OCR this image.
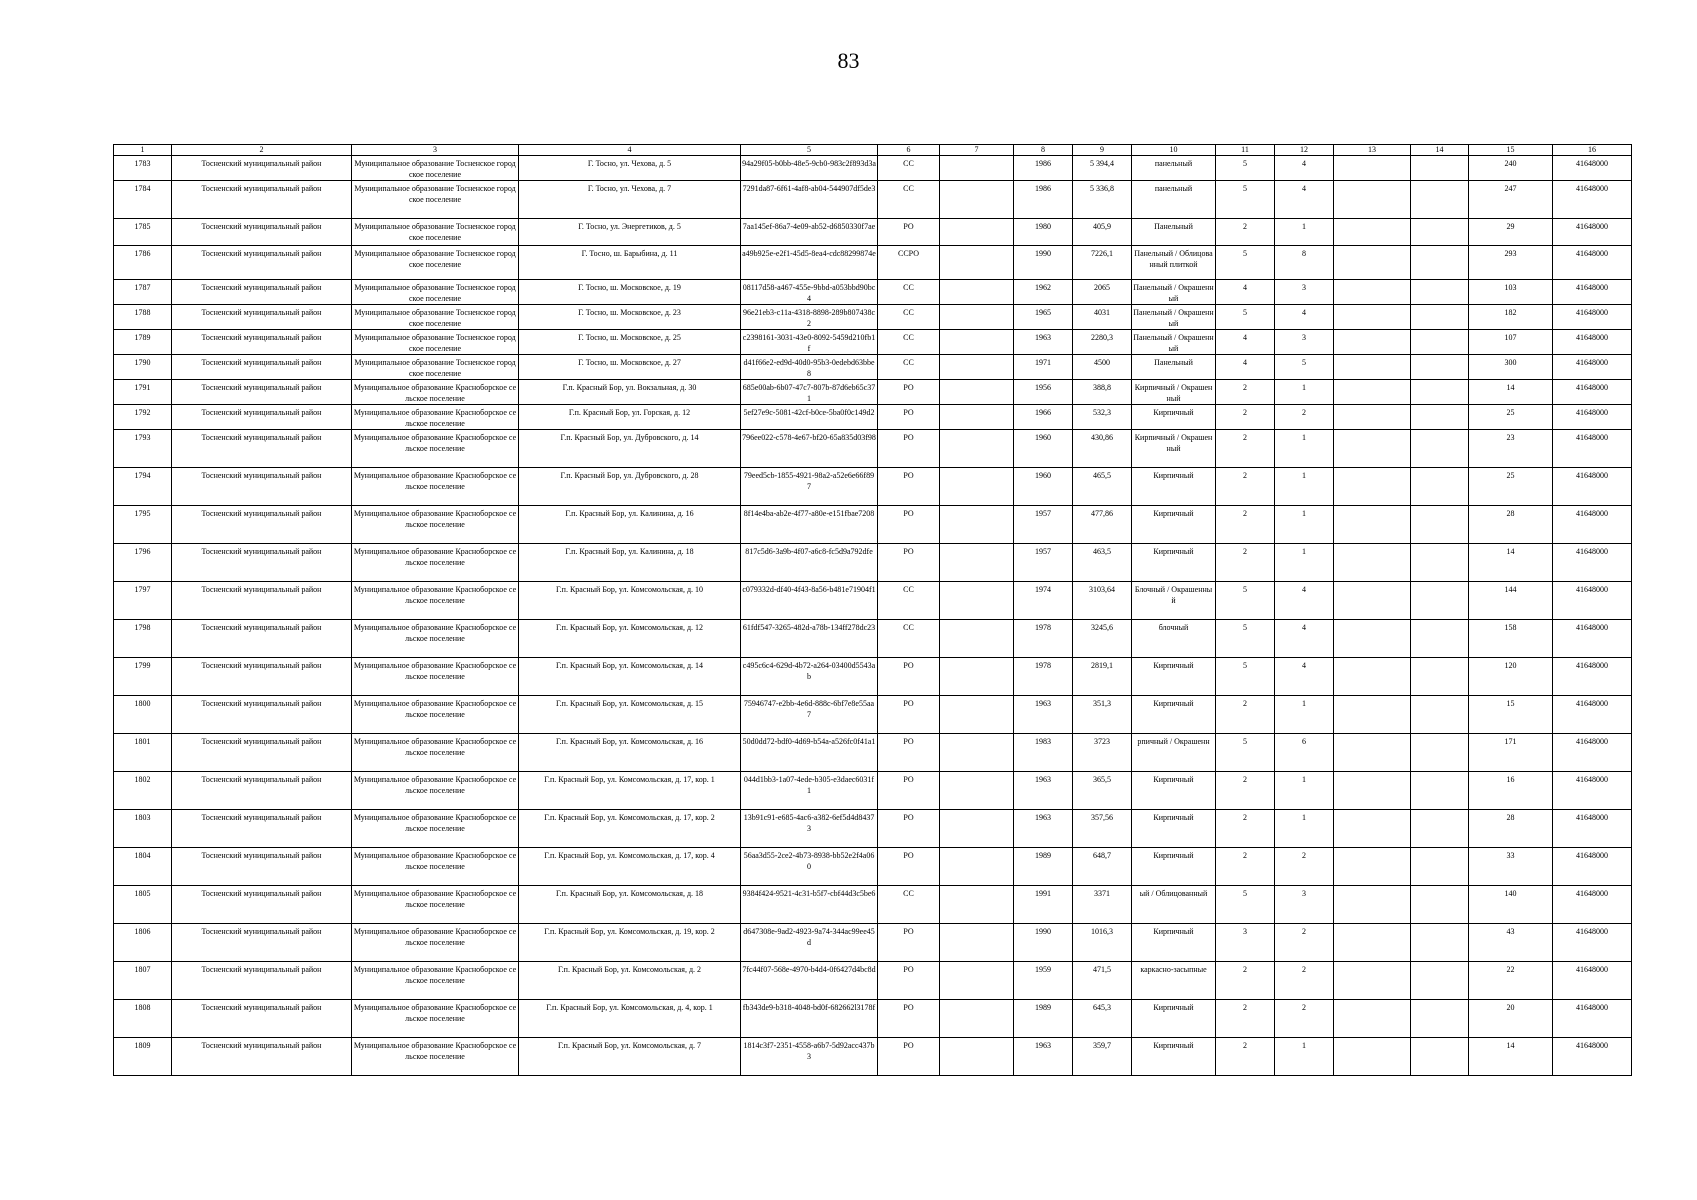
83
1	2	3	4	5	6	7	8	9	10	11	12	13	14	15	16
1783	Тосненский муниципальный район	Муниципальное образование Тосненское городское поселение	Г. Тосно, ул. Чехова, д. 5	94a29f05-b0bb-48e5-9cb0-983c2f893d3a	СС		1986	5 394,4	панельный	5	4			240	41648000
1784	Тосненский муниципальный район	Муниципальное образование Тосненское городское поселение	Г. Тосно, ул. Чехова, д. 7	7291da87-6f61-4af8-ab04-544907df5de3	СС		1986	5 336,8	панельный	5	4			247	41648000
1785	Тосненский муниципальный район	Муниципальное образование Тосненское городское поселение	Г. Тосно, ул. Энергетиков, д. 5	7aa145ef-86a7-4e09-ab52-d6850330f7ae	РО		1980	405,9	Панельный	2	1			29	41648000
1786	Тосненский муниципальный район	Муниципальное образование Тосненское городское поселение	Г. Тосно, ш. Барыбина, д. 11	a49b925e-e2f1-45d5-8ea4-cdc88299874e	ССРО		1990	7226,1	Панельный / Облицованный плиткой	5	8			293	41648000
1787	Тосненский муниципальный район	Муниципальное образование Тосненское городское поселение	Г. Тосно, ш. Московское, д. 19	08117d58-a467-455e-9bbd-a053bbd90bc4	СС		1962	2065	Панельный / Окрашенный	4	3			103	41648000
1788	Тосненский муниципальный район	Муниципальное образование Тосненское городское поселение	Г. Тосно, ш. Московское, д. 23	96e21eb3-c11a-4318-8898-289b807438c2	СС		1965	4031	Панельный / Окрашенный	5	4			182	41648000
1789	Тосненский муниципальный район	Муниципальное образование Тосненское городское поселение	Г. Тосно, ш. Московское, д. 25	c2398161-3031-43e0-8092-5459d210fb1f	СС		1963	2280,3	Панельный / Окрашенный	4	3			107	41648000
1790	Тосненский муниципальный район	Муниципальное образование Тосненское городское поселение	Г. Тосно, ш. Московское, д. 27	d41f66e2-ed9d-40d0-95b3-0edebd63bbe8	СС		1971	4500	Панельный	4	5			300	41648000
1791	Тосненский муниципальный район	Муниципальное образование Красноборское сельское поселение	Г.п. Красный Бор, ул. Вокзальная, д. 30	685e00ab-6b07-47c7-807b-87d6eb65c371	РО		1956	388,8	Кирпичный / Окрашенный	2	1			14	41648000
1792	Тосненский муниципальный район	Муниципальное образование Красноборское сельское поселение	Г.п. Красный Бор, ул. Горская, д. 12	5ef27e9c-5081-42cf-b0ce-5ba0f0c149d2	РО		1966	532,3	Кирпичный	2	2			25	41648000
1793	Тосненский муниципальный район	Муниципальное образование Красноборское сельское поселение	Г.п. Красный Бор, ул. Дубровского, д. 14	796ee022-c578-4e67-bf20-65a835d03f98	РО		1960	430,86	Кирпичный / Окрашенный	2	1			23	41648000
1794	Тосненский муниципальный район	Муниципальное образование Красноборское сельское поселение	Г.п. Красный Бор, ул. Дубровского, д. 28	79eed5cb-1855-4921-98a2-a52e6e66f897	РО		1960	465,5	Кирпичный	2	1			25	41648000
1795	Тосненский муниципальный район	Муниципальное образование Красноборское сельское поселение	Г.п. Красный Бор, ул. Калинина, д. 16	8f14e4ba-ab2e-4f77-a80e-e151fbae7208	РО		1957	477,86	Кирпичный	2	1			28	41648000
1796	Тосненский муниципальный район	Муниципальное образование Красноборское сельское поселение	Г.п. Красный Бор, ул. Калинина, д. 18	817c5d6-3a9b-4f07-a6c8-fc5d9a792dfe	РО		1957	463,5	Кирпичный	2	1			14	41648000
1797	Тосненский муниципальный район	Муниципальное образование Красноборское сельское поселение	Г.п. Красный Бор, ул. Комсомольская, д. 10	c079332d-df40-4f43-8a56-b481e71904f1	СС		1974	3103,64	Блочный / Окрашенный	5	4			144	41648000
1798	Тосненский муниципальный район	Муниципальное образование Красноборское сельское поселение	Г.п. Красный Бор, ул. Комсомольская, д. 12	61fdf547-3265-482d-a78b-134ff278dc23	СС		1978	3245,6	блочный	5	4			158	41648000
1799	Тосненский муниципальный район	Муниципальное образование Красноборское сельское поселение	Г.п. Красный Бор, ул. Комсомольская, д. 14	c495c6c4-629d-4b72-a264-03400d5543ab	РО		1978	2819,1	Кирпичный	5	4			120	41648000
1800	Тосненский муниципальный район	Муниципальное образование Красноборское сельское поселение	Г.п. Красный Бор, ул. Комсомольская, д. 15	75946747-e2bb-4e6d-888c-6bf7e8e55aa7	РО		1963	351,3	Кирпичный	2	1			15	41648000
1801	Тосненский муниципальный район	Муниципальное образование Красноборское сельское поселение	Г.п. Красный Бор, ул. Комсомольская, д. 16	50d0dd72-bdf0-4d69-b54a-a526fc0f41a1	РО		1983	3723	рпичный / Окрашенн	5	6			171	41648000
1802	Тосненский муниципальный район	Муниципальное образование Красноборское сельское поселение	Г.п. Красный Бор, ул. Комсомольская, д. 17, кор. 1	044d1bb3-1a07-4ede-b305-e3daec6031f1	РО		1963	365,5	Кирпичный	2	1			16	41648000
1803	Тосненский муниципальный район	Муниципальное образование Красноборское сельское поселение	Г.п. Красный Бор, ул. Комсомольская, д. 17, кор. 2	13b91c91-e685-4ac6-a382-6ef5d4d84373	РО		1963	357,56	Кирпичный	2	1			28	41648000
1804	Тосненский муниципальный район	Муниципальное образование Красноборское сельское поселение	Г.п. Красный Бор, ул. Комсомольская, д. 17, кор. 4	56aa3d55-2ce2-4b73-8938-bb52e2f4a060	РО		1989	648,7	Кирпичный	2	2			33	41648000
1805	Тосненский муниципальный район	Муниципальное образование Красноборское сельское поселение	Г.п. Красный Бор, ул. Комсомольская, д. 18	9384f424-9521-4c31-b5f7-cbf44d3c5be6	СС		1991	3371	ый / Облицованный	5	3			140	41648000
1806	Тосненский муниципальный район	Муниципальное образование Красноборское сельское поселение	Г.п. Красный Бор, ул. Комсомольская, д. 19, кор. 2	d647308e-9ad2-4923-9a74-344ac99ee45d	РО		1990	1016,3	Кирпичный	3	2			43	41648000
1807	Тосненский муниципальный район	Муниципальное образование Красноборское сельское поселение	Г.п. Красный Бор, ул. Комсомольская, д. 2	7fc44f07-568e-4970-b4d4-0f6427d4bc8d	РО		1959	471,5	каркасно-засыпные	2	2			22	41648000
1808	Тосненский муниципальный район	Муниципальное образование Красноборское сельское поселение	Г.п. Красный Бор, ул. Комсомольская, д. 4, кор. 1	fb343de9-b318-4048-bd0f-682662l3178f	РО		1989	645,3	Кирпичный	2	2			20	41648000
1809	Тосненский муниципальный район	Муниципальное образование Красноборское сельское поселение	Г.п. Красный Бор, ул. Комсомольская, д. 7	1814c3f7-2351-4558-a6b7-5d92acc437b3	РО		1963	359,7	Кирпичный	2	1			14	41648000
